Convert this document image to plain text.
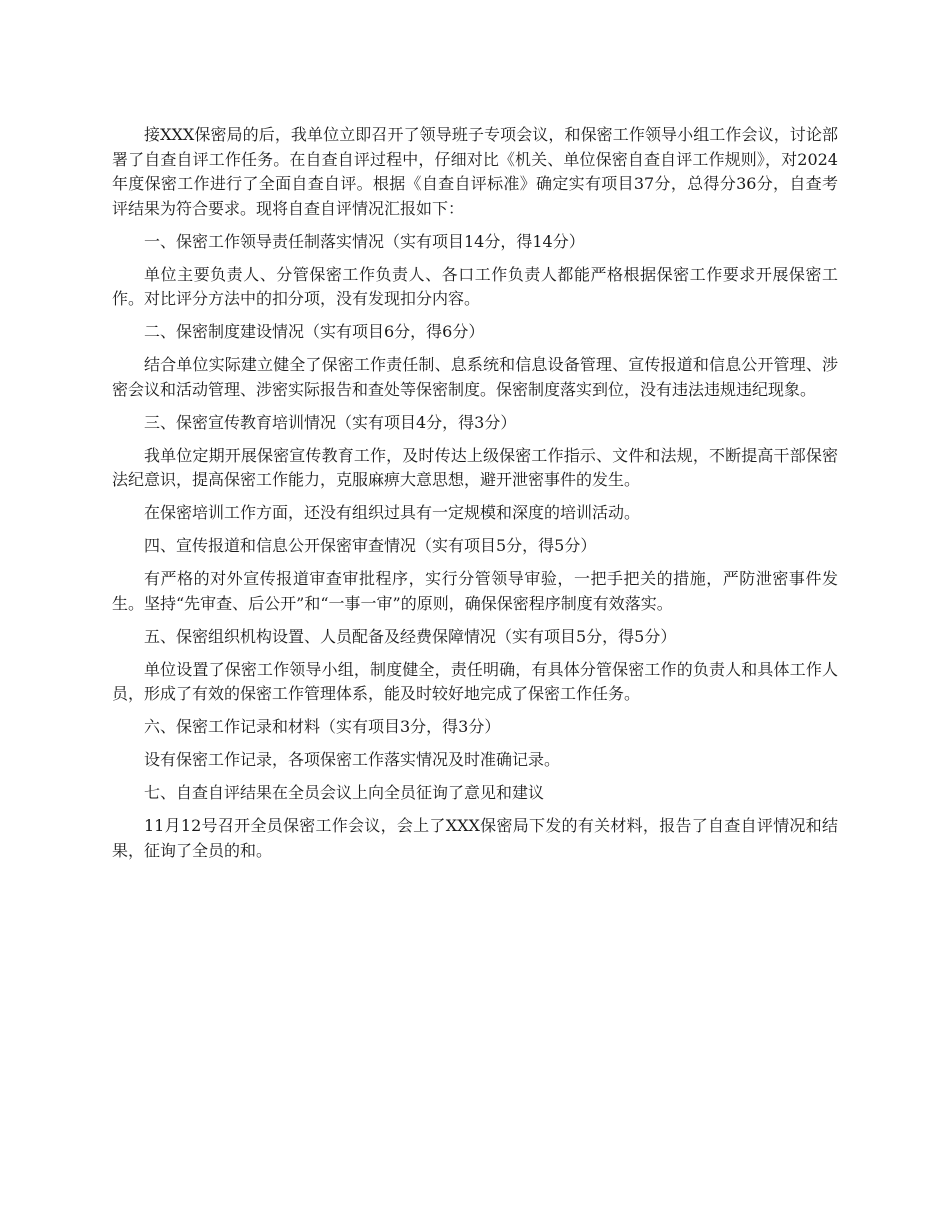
接XXX保密局的后，我单位立即召开了领导班子专项会议，和保密工作领导小组工作会议，讨论部署了自查自评工作任务。在自查自评过程中，仔细对比《机关、单位保密自查自评工作规则》，对2024年度保密工作进行了全面自查自评。根据《自查自评标准》确定实有项目37分，总得分36分，自查考评结果为符合要求。现将自查自评情况汇报如下：

一、保密工作领导责任制落实情况（实有项目14分，得14分）

单位主要负责人、分管保密工作负责人、各口工作负责人都能严格根据保密工作要求开展保密工作。对比评分方法中的扣分项，没有发现扣分内容。

二、保密制度建设情况（实有项目6分，得6分）

结合单位实际建立健全了保密工作责任制、息系统和信息设备管理、宣传报道和信息公开管理、涉密会议和活动管理、涉密实际报告和查处等保密制度。保密制度落实到位，没有违法违规违纪现象。

三、保密宣传教育培训情况（实有项目4分，得3分）

我单位定期开展保密宣传教育工作，及时传达上级保密工作指示、文件和法规，不断提高干部保密法纪意识，提高保密工作能力，克服麻痹大意思想，避开泄密事件的发生。

在保密培训工作方面，还没有组织过具有一定规模和深度的培训活动。

四、宣传报道和信息公开保密审查情况（实有项目5分，得5分）

有严格的对外宣传报道审查审批程序，实行分管领导审验，一把手把关的措施，严防泄密事件发生。坚持“先审查、后公开”和“一事一审”的原则，确保保密程序制度有效落实。

五、保密组织机构设置、人员配备及经费保障情况（实有项目5分，得5分）

单位设置了保密工作领导小组，制度健全，责任明确，有具体分管保密工作的负责人和具体工作人员，形成了有效的保密工作管理体系，能及时较好地完成了保密工作任务。

六、保密工作记录和材料（实有项目3分，得3分）

设有保密工作记录，各项保密工作落实情况及时准确记录。

七、自查自评结果在全员会议上向全员征询了意见和建议

11月12号召开全员保密工作会议，会上了XXX保密局下发的有关材料，报告了自查自评情况和结果，征询了全员的和。
